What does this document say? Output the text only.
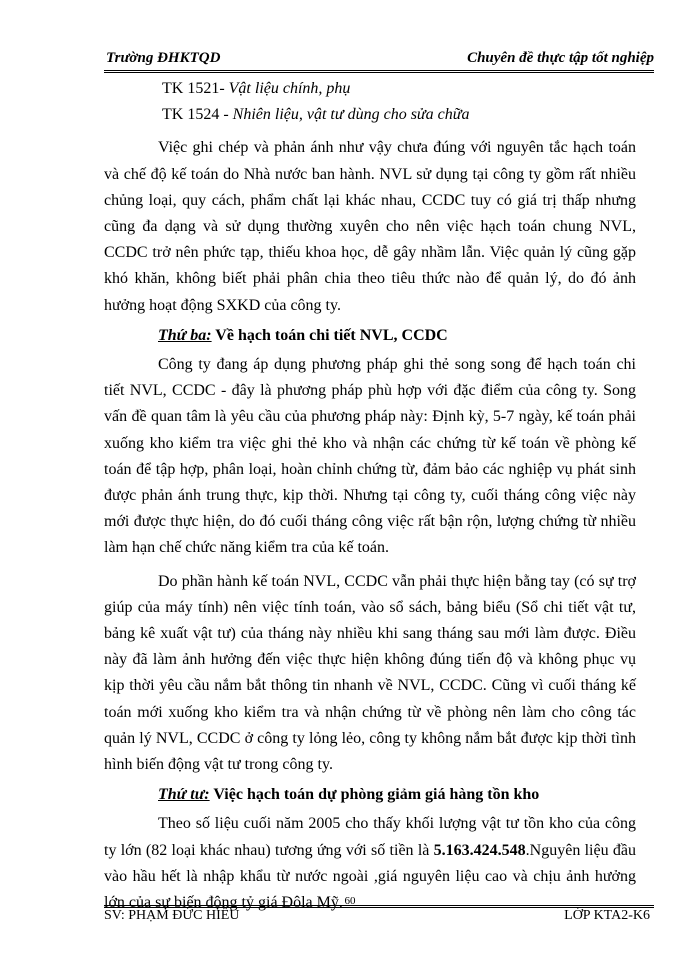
Trường ĐHKTQD	Chuyên đề thực tập tốt nghiệp
TK 1521- Vật liệu chính, phụ
TK 1524 - Nhiên liệu, vật tư dùng cho sửa chữa

Việc ghi chép và phản ánh như vậy chưa đúng với nguyên tắc hạch toán và chế độ kế toán do Nhà nước ban hành. NVL sử dụng tại công ty gồm rất nhiều chủng loại, quy cách, phẩm chất lại khác nhau, CCDC tuy có giá trị thấp nhưng cũng đa dạng và sử dụng thường xuyên cho nên việc hạch toán chung NVL, CCDC trở nên phức tạp, thiếu khoa học, dễ gây nhầm lẫn. Việc quản lý cũng gặp khó khăn, không biết phải phân chia theo tiêu thức nào để quản lý, do đó ảnh hưởng hoạt động SXKD của công ty.

Thứ ba: Về hạch toán chi tiết NVL, CCDC

Công ty đang áp dụng phương pháp ghi thẻ song song để hạch toán chi tiết NVL, CCDC - đây là phương pháp phù hợp với đặc điểm của công ty. Song vấn đề quan tâm là yêu cầu của phương pháp này: Định kỳ, 5-7 ngày, kế toán phải xuống kho kiểm tra việc ghi thẻ kho và nhận các chứng từ kế toán về phòng kế toán để tập hợp, phân loại, hoàn chỉnh chứng từ, đảm bảo các nghiệp vụ phát sinh được phản ánh trung thực, kịp thời. Nhưng tại công ty, cuối tháng công việc này mới được thực hiện, do đó cuối tháng công việc rất bận rộn, lượng chứng từ nhiều làm hạn chế chức năng kiểm tra của kế toán.

Do phần hành kế toán NVL, CCDC vẫn phải thực hiện bằng tay (có sự trợ giúp của máy tính) nên việc tính toán, vào sổ sách, bảng biểu (Sổ chi tiết vật tư, bảng kê xuất vật tư) của tháng này nhiều khi sang tháng sau mới làm được. Điều này đã làm ảnh hưởng đến việc thực hiện không đúng tiến độ và không phục vụ kịp thời yêu cầu nắm bắt thông tin nhanh về NVL, CCDC. Cũng vì cuối tháng kế toán mới xuống kho kiểm tra và nhận chứng từ về phòng nên làm cho công tác quản lý NVL, CCDC ở công ty lỏng lẻo, công ty không nắm bắt được kịp thời tình hình biến động vật tư trong công ty.

Thứ tư: Việc hạch toán dự phòng giảm giá hàng tồn kho

Theo số liệu cuối năm 2005 cho thấy khối lượng vật tư tồn kho của công ty lớn (82 loại khác nhau) tương ứng với số tiền là 5.163.424.548.Nguyên liệu đầu vào hầu hết là nhập khẩu từ nước ngoài ,giá nguyên liệu cao và chịu ảnh hưởng lớn của sự biến động tỷ giá Đôla Mỹ. 60
SV: PHẠM ĐỨC HIẾU	LỚP KTA2-K6
